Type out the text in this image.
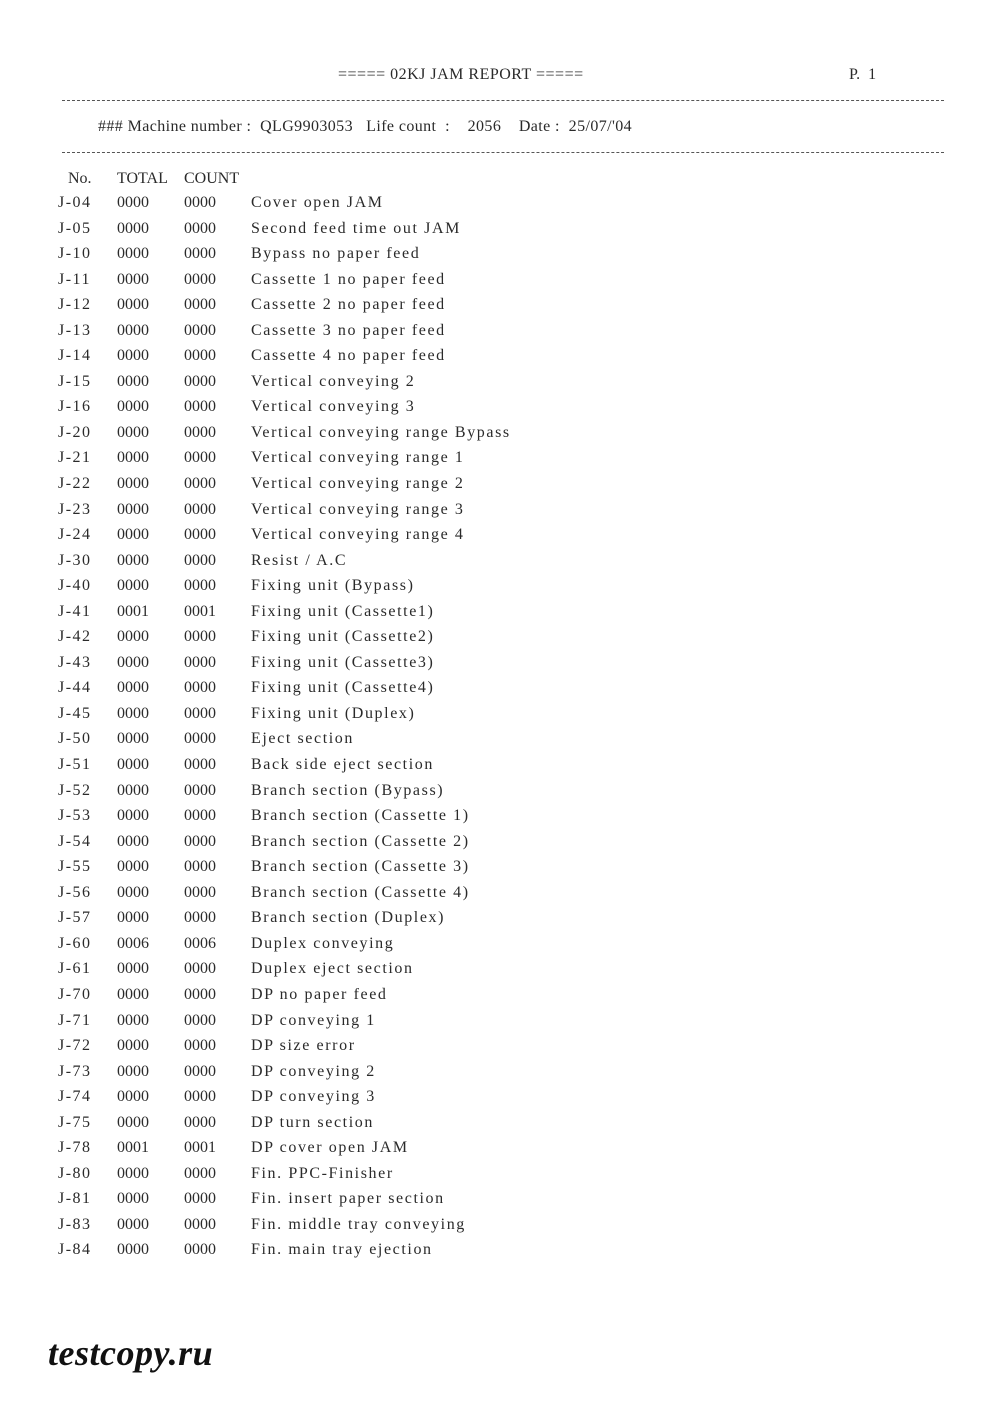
===== 02KJ JAM REPORT =====	P.  1
### Machine number :  QLG9903053   Life count  :    2056    Date :  25/07/'04
No. TOTAL COUNT
J-04 0000 0000 Cover open JAM
J-05 0000 0000 Second feed time out JAM
J-10 0000 0000 Bypass no paper feed
J-11 0000 0000 Cassette 1 no paper feed
J-12 0000 0000 Cassette 2 no paper feed
J-13 0000 0000 Cassette 3 no paper feed
J-14 0000 0000 Cassette 4 no paper feed
J-15 0000 0000 Vertical conveying 2
J-16 0000 0000 Vertical conveying 3
J-20 0000 0000 Vertical conveying range Bypass
J-21 0000 0000 Vertical conveying range 1
J-22 0000 0000 Vertical conveying range 2
J-23 0000 0000 Vertical conveying range 3
J-24 0000 0000 Vertical conveying range 4
J-30 0000 0000 Resist / A.C
J-40 0000 0000 Fixing unit (Bypass)
J-41 0001 0001 Fixing unit (Cassette1)
J-42 0000 0000 Fixing unit (Cassette2)
J-43 0000 0000 Fixing unit (Cassette3)
J-44 0000 0000 Fixing unit (Cassette4)
J-45 0000 0000 Fixing unit (Duplex)
J-50 0000 0000 Eject section
J-51 0000 0000 Back side eject section
J-52 0000 0000 Branch section (Bypass)
J-53 0000 0000 Branch section (Cassette 1)
J-54 0000 0000 Branch section (Cassette 2)
J-55 0000 0000 Branch section (Cassette 3)
J-56 0000 0000 Branch section (Cassette 4)
J-57 0000 0000 Branch section (Duplex)
J-60 0006 0006 Duplex conveying
J-61 0000 0000 Duplex eject section
J-70 0000 0000 DP no paper feed
J-71 0000 0000 DP conveying 1
J-72 0000 0000 DP size error
J-73 0000 0000 DP conveying 2
J-74 0000 0000 DP conveying 3
J-75 0000 0000 DP turn section
J-78 0001 0001 DP cover open JAM
J-80 0000 0000 Fin. PPC-Finisher
J-81 0000 0000 Fin. insert paper section
J-83 0000 0000 Fin. middle tray conveying
J-84 0000 0000 Fin. main tray ejection
testcopy.ru
